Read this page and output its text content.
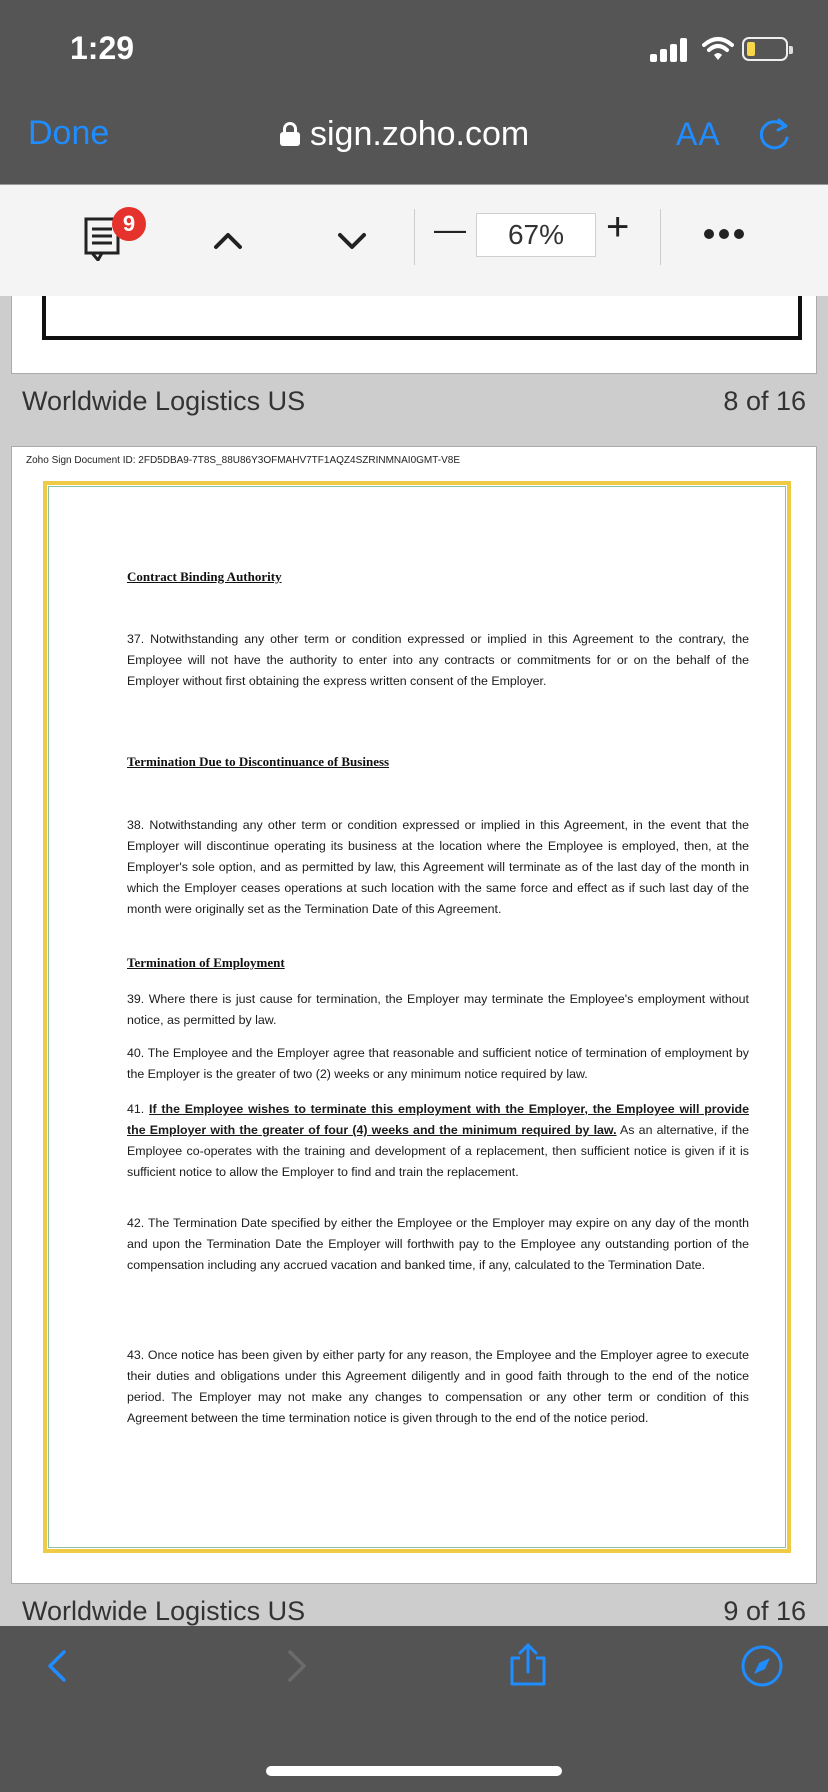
1:29
Done	sign.zoho.com	AA
9	—	67%	+
Worldwide Logistics US	8 of 16
Zoho Sign Document ID: 2FD5DBA9-7T8S_88U86Y3OFMAHV7TF1AQZ4SZRINMNAI0GMT-V8E
Contract Binding Authority
37. Notwithstanding any other term or condition expressed or implied in this Agreement to the contrary, the Employee will not have the authority to enter into any contracts or commitments for or on the behalf of the Employer without first obtaining the express written consent of the Employer.
Termination Due to Discontinuance of Business
38. Notwithstanding any other term or condition expressed or implied in this Agreement, in the event that the Employer will discontinue operating its business at the location where the Employee is employed, then, at the Employer's sole option, and as permitted by law, this Agreement will terminate as of the last day of the month in which the Employer ceases operations at such location with the same force and effect as if such last day of the month were originally set as the Termination Date of this Agreement.
Termination of Employment
39. Where there is just cause for termination, the Employer may terminate the Employee's employment without notice, as permitted by law.
40. The Employee and the Employer agree that reasonable and sufficient notice of termination of employment by the Employer is the greater of two (2) weeks or any minimum notice required by law.
41. If the Employee wishes to terminate this employment with the Employer, the Employee will provide the Employer with the greater of four (4) weeks and the minimum required by law. As an alternative, if the Employee co-operates with the training and development of a replacement, then sufficient notice is given if it is sufficient notice to allow the Employer to find and train the replacement.
42. The Termination Date specified by either the Employee or the Employer may expire on any day of the month and upon the Termination Date the Employer will forthwith pay to the Employee any outstanding portion of the compensation including any accrued vacation and banked time, if any, calculated to the Termination Date.
43. Once notice has been given by either party for any reason, the Employee and the Employer agree to execute their duties and obligations under this Agreement diligently and in good faith through to the end of the notice period. The Employer may not make any changes to compensation or any other term or condition of this Agreement between the time termination notice is given through to the end of the notice period.
Worldwide Logistics US	9 of 16
